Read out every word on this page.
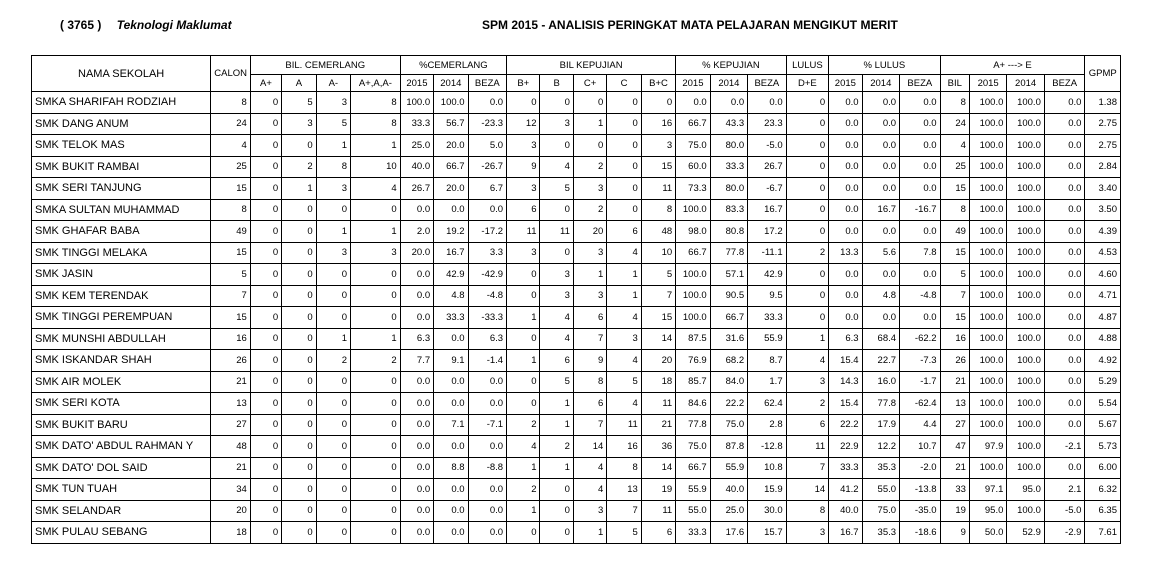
( 3765 ) Teknologi Maklumat	SPM 2015 - ANALISIS PERINGKAT MATA PELAJARAN MENGIKUT MERIT
NAMA SEKOLAH	CALON	BIL. CEMERLANG				%CEMERLANG			BIL KEPUJIAN					% KEPUJIAN			LULUS	% LULUS			A+ ---> E				GPMP
		A+	A	A-	A+,A,A-	2015	2014	BEZA	B+	B	C+	C	B+C	2015	2014	BEZA	D+E	2015	2014	BEZA	BIL	2015	2014	BEZA	
SMKA SHARIFAH RODZIAH	8	0	5	3	8	100.0	100.0	0.0	0	0	0	0	0	0.0	0.0	0.0	0	0.0	0.0	0.0	8	100.0	100.0	0.0	1.38
SMK DANG ANUM	24	0	3	5	8	33.3	56.7	-23.3	12	3	1	0	16	66.7	43.3	23.3	0	0.0	0.0	0.0	24	100.0	100.0	0.0	2.75
SMK TELOK MAS	4	0	0	1	1	25.0	20.0	5.0	3	0	0	0	3	75.0	80.0	-5.0	0	0.0	0.0	0.0	4	100.0	100.0	0.0	2.75
SMK BUKIT RAMBAI	25	0	2	8	10	40.0	66.7	-26.7	9	4	2	0	15	60.0	33.3	26.7	0	0.0	0.0	0.0	25	100.0	100.0	0.0	2.84
SMK SERI TANJUNG	15	0	1	3	4	26.7	20.0	6.7	3	5	3	0	11	73.3	80.0	-6.7	0	0.0	0.0	0.0	15	100.0	100.0	0.0	3.40
SMKA SULTAN MUHAMMAD	8	0	0	0	0	0.0	0.0	0.0	6	0	2	0	8	100.0	83.3	16.7	0	0.0	16.7	-16.7	8	100.0	100.0	0.0	3.50
SMK GHAFAR BABA	49	0	0	1	1	2.0	19.2	-17.2	11	11	20	6	48	98.0	80.8	17.2	0	0.0	0.0	0.0	49	100.0	100.0	0.0	4.39
SMK TINGGI MELAKA	15	0	0	3	3	20.0	16.7	3.3	3	0	3	4	10	66.7	77.8	-11.1	2	13.3	5.6	7.8	15	100.0	100.0	0.0	4.53
SMK JASIN	5	0	0	0	0	0.0	42.9	-42.9	0	3	1	1	5	100.0	57.1	42.9	0	0.0	0.0	0.0	5	100.0	100.0	0.0	4.60
SMK KEM TERENDAK	7	0	0	0	0	0.0	4.8	-4.8	0	3	3	1	7	100.0	90.5	9.5	0	0.0	4.8	-4.8	7	100.0	100.0	0.0	4.71
SMK TINGGI PEREMPUAN	15	0	0	0	0	0.0	33.3	-33.3	1	4	6	4	15	100.0	66.7	33.3	0	0.0	0.0	0.0	15	100.0	100.0	0.0	4.87
SMK MUNSHI ABDULLAH	16	0	0	1	1	6.3	0.0	6.3	0	4	7	3	14	87.5	31.6	55.9	1	6.3	68.4	-62.2	16	100.0	100.0	0.0	4.88
SMK ISKANDAR SHAH	26	0	0	2	2	7.7	9.1	-1.4	1	6	9	4	20	76.9	68.2	8.7	4	15.4	22.7	-7.3	26	100.0	100.0	0.0	4.92
SMK AIR MOLEK	21	0	0	0	0	0.0	0.0	0.0	0	5	8	5	18	85.7	84.0	1.7	3	14.3	16.0	-1.7	21	100.0	100.0	0.0	5.29
SMK SERI KOTA	13	0	0	0	0	0.0	0.0	0.0	0	1	6	4	11	84.6	22.2	62.4	2	15.4	77.8	-62.4	13	100.0	100.0	0.0	5.54
SMK BUKIT BARU	27	0	0	0	0	0.0	7.1	-7.1	2	1	7	11	21	77.8	75.0	2.8	6	22.2	17.9	4.4	27	100.0	100.0	0.0	5.67
SMK DATO' ABDUL RAHMAN Y	48	0	0	0	0	0.0	0.0	0.0	4	2	14	16	36	75.0	87.8	-12.8	11	22.9	12.2	10.7	47	97.9	100.0	-2.1	5.73
SMK DATO' DOL SAID	21	0	0	0	0	0.0	8.8	-8.8	1	1	4	8	14	66.7	55.9	10.8	7	33.3	35.3	-2.0	21	100.0	100.0	0.0	6.00
SMK TUN TUAH	34	0	0	0	0	0.0	0.0	0.0	2	0	4	13	19	55.9	40.0	15.9	14	41.2	55.0	-13.8	33	97.1	95.0	2.1	6.32
SMK SELANDAR	20	0	0	0	0	0.0	0.0	0.0	1	0	3	7	11	55.0	25.0	30.0	8	40.0	75.0	-35.0	19	95.0	100.0	-5.0	6.35
SMK PULAU SEBANG	18	0	0	0	0	0.0	0.0	0.0	0	0	1	5	6	33.3	17.6	15.7	3	16.7	35.3	-18.6	9	50.0	52.9	-2.9	7.61
